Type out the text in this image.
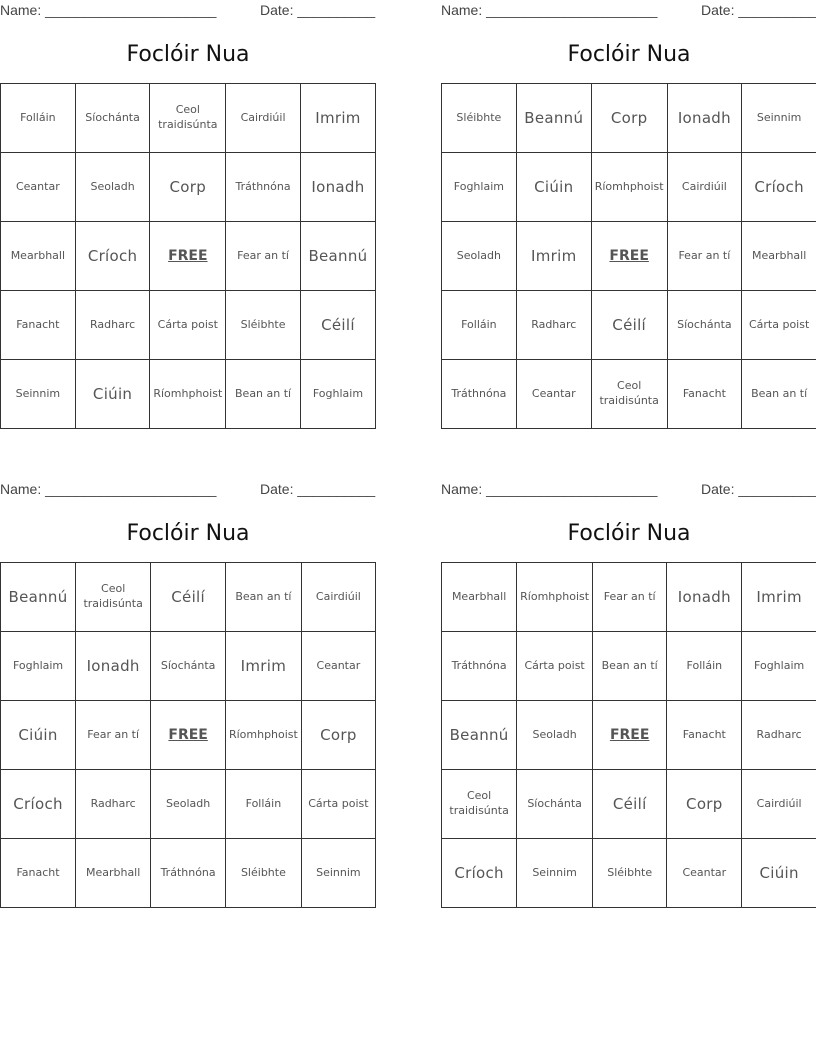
Name: ______________________	Date: __________
Foclóir Nua
Folláin	Síochánta	Ceol traidisúnta	Cairdiúil	Imrim
Ceantar	Seoladh	Corp	Tráthnóna	Ionadh
Mearbhall	Críoch	FREE	Fear an tí	Beannú
Fanacht	Radharc	Cárta poist	Sléibhte	Céilí
Seinnim	Ciúin	Ríomhphoist	Bean an tí	Foghlaim
Name: ______________________	Date: __________
Foclóir Nua
Sléibhte	Beannú	Corp	Ionadh	Seinnim
Foghlaim	Ciúin	Ríomhphoist	Cairdiúil	Críoch
Seoladh	Imrim	FREE	Fear an tí	Mearbhall
Folláin	Radharc	Céilí	Síochánta	Cárta poist
Tráthnóna	Ceantar	Ceol traidisúnta	Fanacht	Bean an tí
Name: ______________________	Date: __________
Foclóir Nua
Beannú	Ceol traidisúnta	Céilí	Bean an tí	Cairdiúil
Foghlaim	Ionadh	Síochánta	Imrim	Ceantar
Ciúin	Fear an tí	FREE	Ríomhphoist	Corp
Críoch	Radharc	Seoladh	Folláin	Cárta poist
Fanacht	Mearbhall	Tráthnóna	Sléibhte	Seinnim
Name: ______________________	Date: __________
Foclóir Nua
Mearbhall	Ríomhphoist	Fear an tí	Ionadh	Imrim
Tráthnóna	Cárta poist	Bean an tí	Folláin	Foghlaim
Beannú	Seoladh	FREE	Fanacht	Radharc
Ceol traidisúnta	Síochánta	Céilí	Corp	Cairdiúil
Críoch	Seinnim	Sléibhte	Ceantar	Ciúin
